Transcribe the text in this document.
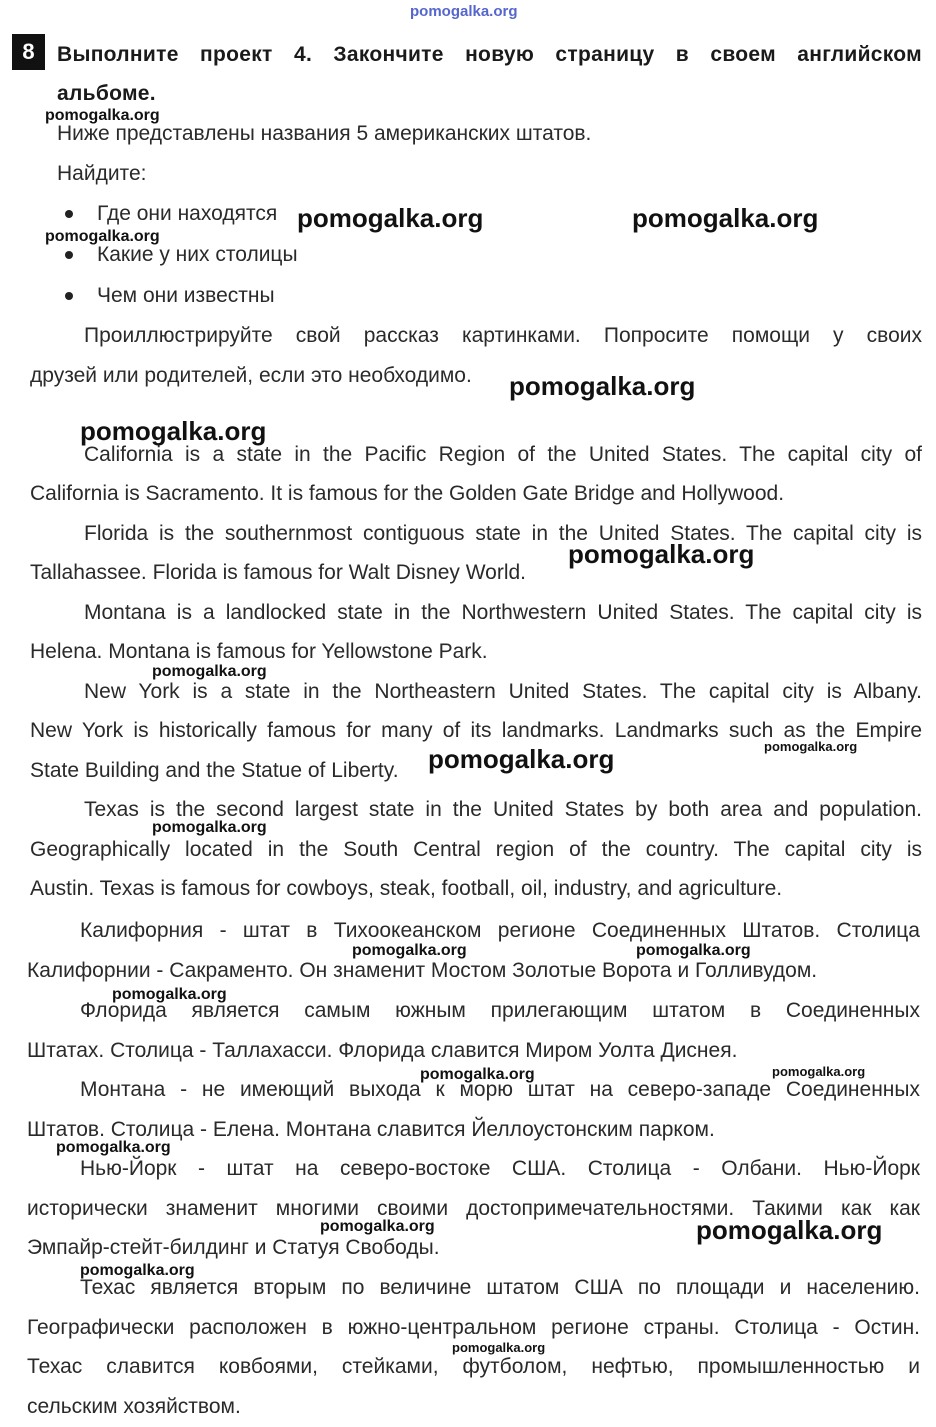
pomogalka.org
8	Выполните проект 4. Закончите новую страницу в своем английском
альбоме.
Ниже представлены названия 5 американских штатов.
Найдите:
Где они находятся
Какие у них столицы
Чем они известны
Проиллюстрируйте свой рассказ картинками. Попросите помощи у своих
друзей или родителей, если это необходимо.
California is a state in the Pacific Region of the United States. The capital city of
California is Sacramento. It is famous for the Golden Gate Bridge and Hollywood.
Florida is the southernmost contiguous state in the United States. The capital city is
Tallahassee. Florida is famous for Walt Disney World.
Montana is a landlocked state in the Northwestern United States. The capital city is
Helena. Montana is famous for Yellowstone Park.
New York is a state in the Northeastern United States. The capital city is Albany.
New York is historically famous for many of its landmarks. Landmarks such as the Empire
State Building and the Statue of Liberty.
Texas is the second largest state in the United States by both area and population.
Geographically located in the South Central region of the country. The capital city is
Austin. Texas is famous for cowboys, steak, football, oil, industry, and agriculture.
Калифорния - штат в Тихоокеанском регионе Соединенных Штатов. Столица
Калифорнии - Сакраменто. Он знаменит Мостом Золотые Ворота и Голливудом.
Флорида является самым южным прилегающим штатом в Соединенных
Штатах. Столица - Таллахасси. Флорида славится Миром Уолта Диснея.
Монтана - не имеющий выхода к морю штат на северо-западе Соединенных
Штатов. Столица - Елена. Монтана славится Йеллоустонским парком.
Нью-Йорк - штат на северо-востоке США. Столица - Олбани. Нью-Йорк
исторически знаменит многими своими достопримечательностями. Такими как как
Эмпайр-стейт-билдинг и Статуя Свободы.
Техас является вторым по величине штатом США по площади и населению.
Географически расположен в южно-центральном регионе страны. Столица - Остин.
Техас славится ковбоями, стейками, футболом, нефтью, промышленностью и
сельским хозяйством.
pomogalka.org
pomogalka.org
pomogalka.org	pomogalka.org
pomogalka.org
pomogalka.org
pomogalka.org
pomogalka.org
pomogalka.org
pomogalka.org
pomogalka.org
pomogalka.org	pomogalka.org
pomogalka.org
pomogalka.org	pomogalka.org
pomogalka.org
pomogalka.org	pomogalka.org
pomogalka.org
pomogalka.org
